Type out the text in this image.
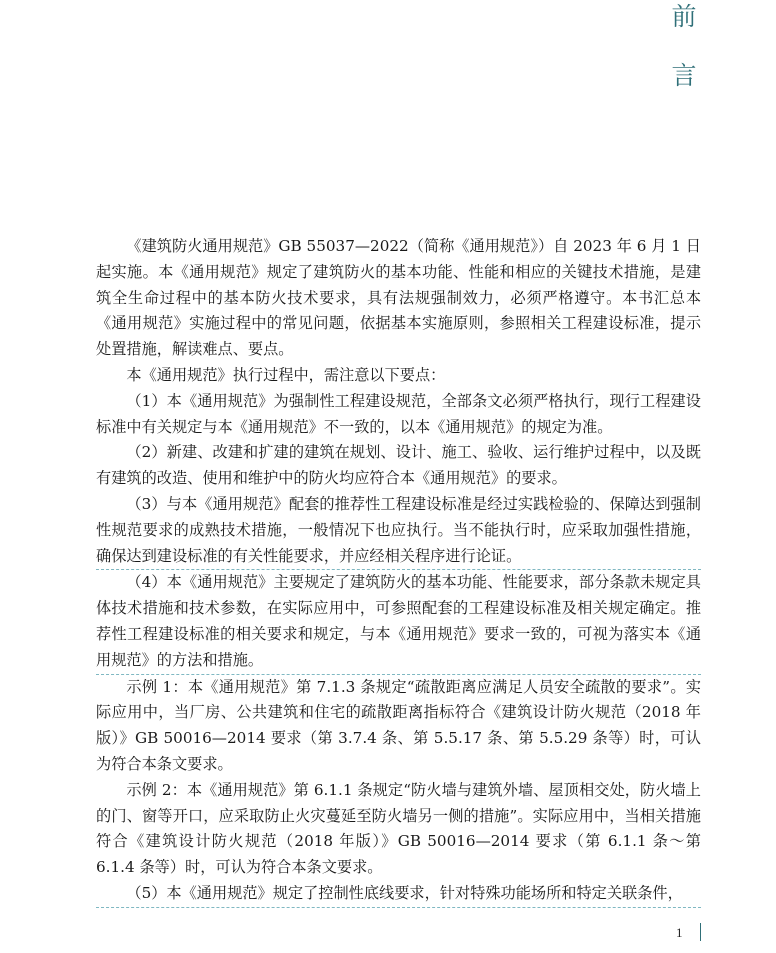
前
言

《建筑防火通用规范》GB 55037—2022（简称《通用规范》）自 2023 年 6 月 1 日起实施。本《通用规范》规定了建筑防火的基本功能、性能和相应的关键技术措施，是建筑全生命过程中的基本防火技术要求，具有法规强制效力，必须严格遵守。本书汇总本《通用规范》实施过程中的常见问题，依据基本实施原则，参照相关工程建设标准，提示处置措施，解读难点、要点。

本《通用规范》执行过程中，需注意以下要点：

（1）本《通用规范》为强制性工程建设规范，全部条文必须严格执行，现行工程建设标准中有关规定与本《通用规范》不一致的，以本《通用规范》的规定为准。

（2）新建、改建和扩建的建筑在规划、设计、施工、验收、运行维护过程中，以及既有建筑的改造、使用和维护中的防火均应符合本《通用规范》的要求。

（3）与本《通用规范》配套的推荐性工程建设标准是经过实践检验的、保障达到强制性规范要求的成熟技术措施，一般情况下也应执行。当不能执行时，应采取加强性措施，确保达到建设标准的有关性能要求，并应经相关程序进行论证。

（4）本《通用规范》主要规定了建筑防火的基本功能、性能要求，部分条款未规定具体技术措施和技术参数，在实际应用中，可参照配套的工程建设标准及相关规定确定。推荐性工程建设标准的相关要求和规定，与本《通用规范》要求一致的，可视为落实本《通用规范》的方法和措施。

示例 1：本《通用规范》第 7.1.3 条规定“疏散距离应满足人员安全疏散的要求”。实际应用中，当厂房、公共建筑和住宅的疏散距离指标符合《建筑设计防火规范（2018 年版）》GB 50016—2014 要求（第 3.7.4 条、第 5.5.17 条、第 5.5.29 条等）时，可认为符合本条文要求。

示例 2：本《通用规范》第 6.1.1 条规定“防火墙与建筑外墙、屋顶相交处，防火墙上的门、窗等开口，应采取防止火灾蔓延至防火墙另一侧的措施”。实际应用中，当相关措施符合《建筑设计防火规范（2018 年版）》GB 50016—2014 要求（第 6.1.1 条～第 6.1.4 条等）时，可认为符合本条文要求。

（5）本《通用规范》规定了控制性底线要求，针对特殊功能场所和特定关联条件，

1
